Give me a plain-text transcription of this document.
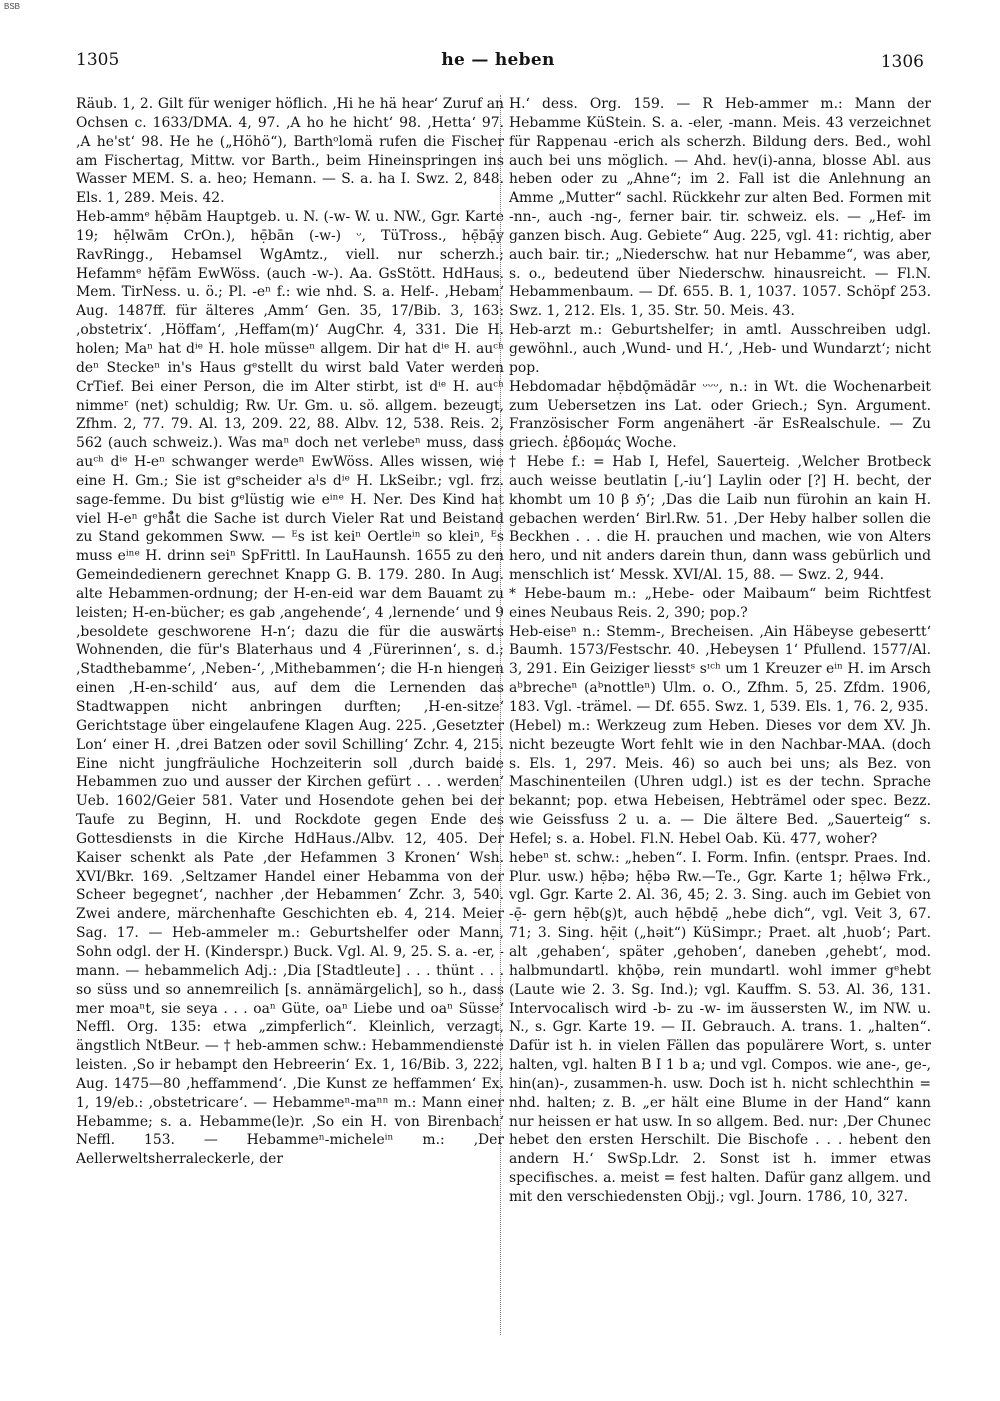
BSB
1305	he — heben	1306

Räub. 1, 2. Gilt für weniger höflich. ‚Hi he hä hear‘ Zuruf an Ochsen c. 1633/DMA. 4, 97. ‚A ho he hicht‘ 98. ‚Hetta‘ 97. ‚A he'st‘ 98. He he („Höhö“), Barthᵒlomä rufen die Fischer am Fischertag, Mittw. vor Barth., beim Hineinspringen ins Wasser MEM. S. a. heo; Hemann. — S. a. ha I. Swz. 2, 848. Els. 1, 289. Meis. 42.

Heb-ammᵉ hẹ̄bām Hauptgeb. u. N. (-w- W. u. NW., Ggr. Karte 19; hẹ̄lwām CrOn.), hẹ̄bān (-w-) ᵕ, TüTross., hẹ̄bạ̄y RavRingg., Hebamsel WgAmtz., viell. nur scherzh.; Hefammᵉ hẹ̄fām EwWöss. (auch -w-). Aa. GsStött. HdHaus. Mem. TirNess. u. ö.; Pl. -eⁿ f.: wie nhd. S. a. Helf-. ‚Hebam‘ Aug. 1487ff. für älteres ‚Amm‘ Gen. 35, 17/Bib. 3, 163: ‚obstetrix‘. ‚Höffam‘, ‚Heffam(m)‘ AugChr. 4, 331. Die H. holen; Maⁿ hat dⁱᵉ H. hole müsseⁿ allgem. Dir hat dⁱᵉ H. auᶜʰ deⁿ Steckeⁿ in's Haus gᵉstellt du wirst bald Vater werden CrTief. Bei einer Person, die im Alter stirbt, ist dⁱᵉ H. auᶜʰ nimmeʳ (net) schuldig; Rw. Ur. Gm. u. sö. allgem. bezeugt, Zfhm. 2, 77. 79. Al. 13, 209. 22, 88. Albv. 12, 538. Reis. 2, 562 (auch schweiz.). Was maⁿ doch net verlebeⁿ muss, dass auᶜʰ dⁱᵉ H-eⁿ schwanger werdeⁿ EwWöss. Alles wissen, wie eine H. Gm.; Sie ist gᵉscheider aˡs dⁱᵉ H. LkSeibr.; vgl. frz. sage-femme. Du bist gᵉlüstig wie eⁱⁿᵉ H. Ner. Des Kind hat viel H-eⁿ gᵉhä̊t die Sache ist durch Vieler Rat und Beistand zu Stand gekommen Sww. — ᴱs ist keiⁿ Oertleⁱⁿ so kleiⁿ, ᴱs muss eⁱⁿᵉ H. drinn seiⁿ SpFrittl. In LauHaunsh. 1655 zu den Gemeindedienern gerechnet Knapp G. B. 179. 280. In Aug. alte Hebammen-ordnung; der H-en-eid war dem Bauamt zu leisten; H-en-bücher; es gab ‚angehende‘, 4 ‚lernende‘ und 9 ‚besoldete geschworene H-n‘; dazu die für die auswärts Wohnenden, die für's Blaterhaus und 4 ‚Fürerinnen‘, s. d.; ‚Stadthebamme‘, ‚Neben-‘, ‚Mithebammen‘; die H-n hiengen einen ‚H-en-schild‘ aus, auf dem die Lernenden das Stadtwappen nicht anbringen durften; ‚H-en-sitze‘ Gerichtstage über eingelaufene Klagen Aug. 225. ‚Gesetzter Lon‘ einer H. ‚drei Batzen oder sovil Schilling‘ Zchr. 4, 215. Eine nicht jungfräuliche Hochzeiterin soll ‚durch baide Hebammen zuo und ausser der Kirchen gefürt . . . werden‘ Ueb. 1602/Geier 581. Vater und Hosendote gehen bei der Taufe zu Beginn, H. und Rockdote gegen Ende des Gottesdiensts in die Kirche HdHaus./Albv. 12, 405. Der Kaiser schenkt als Pate ‚der Hefammen 3 Kronen‘ Wsh. XVI/Bkr. 169. ‚Seltzamer Handel einer Hebamma von der Scheer begegnet‘, nachher ‚der Hebammen‘ Zchr. 3, 540. Zwei andere, märchenhafte Geschichten eb. 4, 214. Meier Sag. 17. — Heb-ammeler m.: Geburtshelfer oder Mann, Sohn odgl. der H. (Kinderspr.) Buck. Vgl. Al. 9, 25. S. a. -er, -mann. — hebammelich Adj.: ‚Dia [Stadtleute] . . . thünt . . . so süss und so annemreilich [s. annämärgelich], so h., dass mer moaⁿt, sie seya . . . oaⁿ Güte, oaⁿ Liebe und oaⁿ Süsse‘ Neffl. Org. 135: etwa „zimpferlich“. Kleinlich, verzagt, ängstlich NtBeur. — † heb-ammen schw.: Hebammendienste leisten. ‚So ir hebampt den Hebreerin‘ Ex. 1, 16/Bib. 3, 222, Aug. 1475—80 ‚heffammend‘. ‚Die Kunst ze heffammen‘ Ex. 1, 19/eb.: ‚obstetricare‘. — Hebammeⁿ-maⁿⁿ m.: Mann einer Hebamme; s. a. Hebamme(le)r. ‚So ein H. von Birenbach‘ Neffl. 153. — Hebammeⁿ-micheleⁱⁿ m.: ‚Der Aellerweltsherraleckerle, der

H.‘ dess. Org. 159. — R Heb-ammer m.: Mann der Hebamme KüStein. S. a. -eler, -mann. Meis. 43 verzeichnet für Rappenau -erich als scherzh. Bildung ders. Bed., wohl auch bei uns möglich. — Ahd. hev(i)-anna, blosse Abl. aus heben oder zu „Ahne“; im 2. Fall ist die Anlehnung an Amme „Mutter“ sachl. Rückkehr zur alten Bed. Formen mit -nn-, auch -ng-, ferner bair. tir. schweiz. els. — „Hef- im ganzen bisch. Aug. Gebiete“ Aug. 225, vgl. 41: richtig, aber auch bair. tir.; „Niederschw. hat nur Hebamme“, was aber, s. o., bedeutend über Niederschw. hinausreicht. — Fl.N. Hebammenbaum. — Df. 655. B. 1, 1037. 1057. Schöpf 253. Swz. 1, 212. Els. 1, 35. Str. 50. Meis. 43.

Heb-arzt m.: Geburtshelfer; in amtl. Ausschreiben udgl. gewöhnl., auch ‚Wund- und H.‘, ‚Heb- und Wundarzt‘; nicht pop.

Hebdomadar hẹ̄bdǭmädār ᵕᵕᵕ, n.: in Wt. die Wochenarbeit zum Uebersetzen ins Lat. oder Griech.; Syn. Argument. Französischer Form angenähert -är EsRealschule. — Zu griech. ἑβδομάς Woche.

† Hebe f.: = Hab I, Hefel, Sauerteig. ‚Welcher Brotbeck auch weisse beutlatin [‚-iu‘] Laylin oder [?] H. becht, der khombt um 10 β ℌ‘; ‚Das die Laib nun fürohin an kain H. gebachen werden‘ Birl.Rw. 51. ‚Der Heby halber sollen die Beckhen . . . die H. prauchen und machen, wie von Alters hero, und nit anders darein thun, dann wass gebürlich und menschlich ist‘ Messk. XVI/Al. 15, 88. — Swz. 2, 944.

* Hebe-baum m.: „Hebe- oder Maibaum“ beim Richtfest eines Neubaus Reis. 2, 390; pop.?

Heb-eiseⁿ n.: Stemm-, Brecheisen. ‚Ain Häbeyse gebesertt‘ Baumh. 1573/Festschr. 40. ‚Hebeysen 1‘ Pfullend. 1577/Al. 3, 291. Ein Geiziger liesstˢ sᶦᶜʰ um 1 Kreuzer eⁱⁿ H. im Arsch aᵇbrecheⁿ (aᵇnottleⁿ) Ulm. o. O., Zfhm. 5, 25. Zfdm. 1906, 183. Vgl. -trämel. — Df. 655. Swz. 1, 539. Els. 1, 76. 2, 935.

(Hebel) m.: Werkzeug zum Heben. Dieses vor dem XV. Jh. nicht bezeugte Wort fehlt wie in den Nachbar-MAA. (doch s. Els. 1, 297. Meis. 46) so auch bei uns; als Bez. von Maschinenteilen (Uhren udgl.) ist es der techn. Sprache bekannt; pop. etwa Hebeisen, Hebträmel oder spec. Bezz. wie Geissfuss 2 u. a. — Die ältere Bed. „Sauerteig“ s. Hefel; s. a. Hobel. Fl.N. Hebel Oab. Kü. 477, woher?

hebeⁿ st. schw.: „heben“. I. Form. Infin. (entspr. Praes. Ind. Plur. usw.) hẹ̄bə; hẹ̄bə Rw.—Te., Ggr. Karte 1; hẹ̄lwə Frk., vgl. Ggr. Karte 2. Al. 36, 45; 2. 3. Sing. auch im Gebiet von -ẹ̄- gern hẹ̄b(ʂ)t, auch hẹ̄bdẹ̄ „hebe dich“, vgl. Veit 3, 67. 71; 3. Sing. hẹ̄it („həit“) KüSimpr.; Praet. alt ‚huob‘; Part. alt ‚gehaben‘, später ‚gehoben‘, daneben ‚gehebt‘, mod. halbmundartl. khǭbə, rein mundartl. wohl immer gᵉhebt (Laute wie 2. 3. Sg. Ind.); vgl. Kauffm. S. 53. Al. 36, 131. Intervocalisch wird -b- zu -w- im äussersten W., im NW. u. N., s. Ggr. Karte 19. — II. Gebrauch. A. trans. 1. „halten“. Dafür ist h. in vielen Fällen das populärere Wort, s. unter halten, vgl. halten B I 1 b a; und vgl. Compos. wie ane-, ge-, hin(an)-, zusammen-h. usw. Doch ist h. nicht schlechthin = nhd. halten; z. B. „er hält eine Blume in der Hand“ kann nur heissen er hat usw. In so allgem. Bed. nur: ‚Der Chunec hebet den ersten Herschilt. Die Bischofe . . . hebent den andern H.‘ SwSp.Ldr. 2. Sonst ist h. immer etwas specifisches. a. meist = fest halten. Dafür ganz allgem. und mit den verschiedensten Objj.; vgl. Journ. 1786, 10, 327.
